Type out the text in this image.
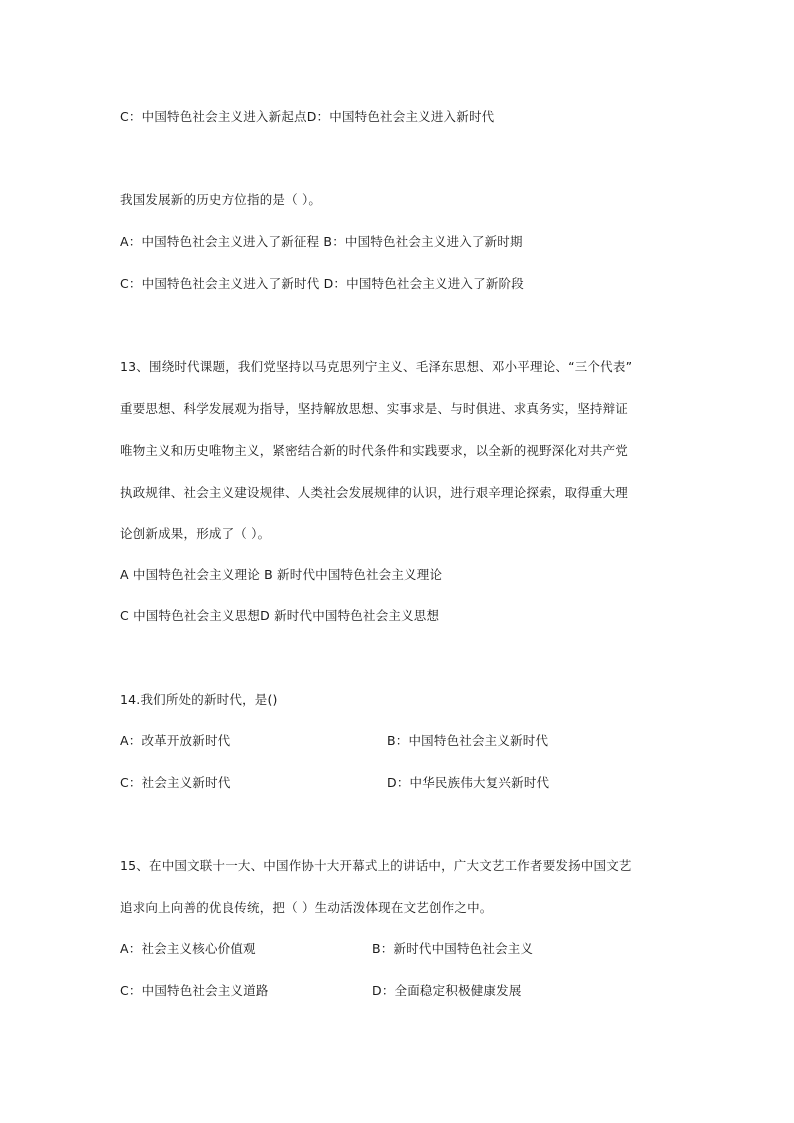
C：中国特色社会主义进入新起点D：中国特色社会主义进入新时代
我国发展新的历史方位指的是（ ）。
A：中国特色社会主义进入了新征程 B：中国特色社会主义进入了新时期
C：中国特色社会主义进入了新时代 D：中国特色社会主义进入了新阶段
13、围绕时代课题，我们党坚持以马克思列宁主义、毛泽东思想、邓小平理论、“三个代表”
重要思想、科学发展观为指导，坚持解放思想、实事求是、与时俱进、求真务实，坚持辩证
唯物主义和历史唯物主义，紧密结合新的时代条件和实践要求，以全新的视野深化对共产党
执政规律、社会主义建设规律、人类社会发展规律的认识，进行艰辛理论探索，取得重大理
论创新成果，形成了（ ）。
A 中国特色社会主义理论 B 新时代中国特色社会主义理论
C 中国特色社会主义思想D 新时代中国特色社会主义思想
14.我们所处的新时代，是()
A：改革开放新时代	B：中国特色社会主义新时代
C：社会主义新时代	D：中华民族伟大复兴新时代
15、在中国文联十一大、中国作协十大开幕式上的讲话中，广大文艺工作者要发扬中国文艺
追求向上向善的优良传统，把（ ）生动活泼体现在文艺创作之中。
A：社会主义核心价值观	B：新时代中国特色社会主义
C：中国特色社会主义道路	D：全面稳定积极健康发展
